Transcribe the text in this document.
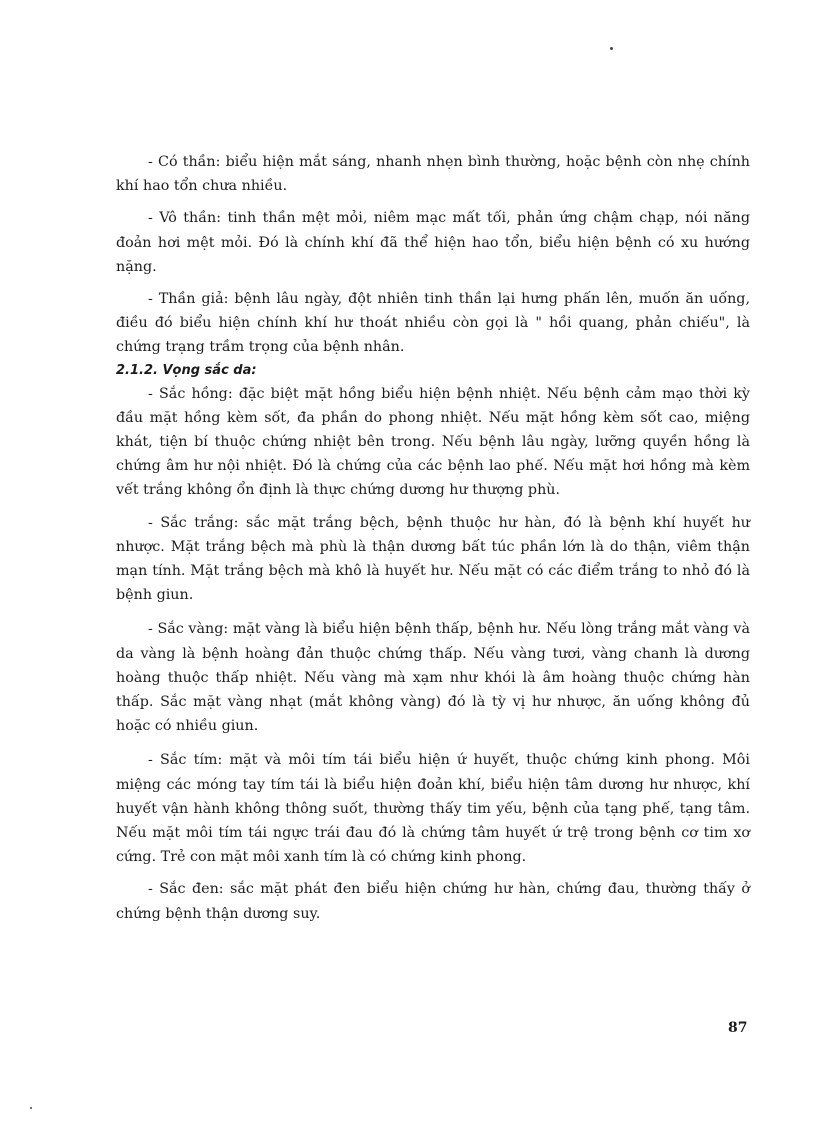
- Có thần: biểu hiện mắt sáng, nhanh nhẹn bình thường, hoặc bệnh còn nhẹ chính khí hao tổn chưa nhiều.

- Vô thần: tinh thần mệt mỏi, niêm mạc mất tối, phản ứng chậm chạp, nói năng đoản hơi mệt mỏi. Đó là chính khí đã thể hiện hao tổn, biểu hiện bệnh có xu hướng nặng.

- Thần giả: bệnh lâu ngày, đột nhiên tinh thần lại hưng phấn lên, muốn ăn uống, điều đó biểu hiện chính khí hư thoát nhiều còn gọi là " hồi quang, phản chiếu", là chứng trạng trầm trọng của bệnh nhân.

2.1.2. Vọng sắc da:

- Sắc hồng: đặc biệt mặt hồng biểu hiện bệnh nhiệt. Nếu bệnh cảm mạo thời kỳ đầu mặt hồng kèm sốt, đa phần do phong nhiệt. Nếu mặt hồng kèm sốt cao, miệng khát, tiện bí thuộc chứng nhiệt bên trong. Nếu bệnh lâu ngày, lưỡng quyền hồng là chứng âm hư nội nhiệt. Đó là chứng của các bệnh lao phế. Nếu mặt hơi hồng mà kèm vết trắng không ổn định là thực chứng dương hư thượng phù.

- Sắc trắng: sắc mặt trắng bệch, bệnh thuộc hư hàn, đó là bệnh khí huyết hư nhược. Mặt trắng bệch mà phù là thận dương bất túc phần lớn là do thận, viêm thận mạn tính. Mặt trắng bệch mà khô là huyết hư. Nếu mặt có các điểm trắng to nhỏ đó là bệnh giun.

- Sắc vàng: mặt vàng là biểu hiện bệnh thấp, bệnh hư. Nếu lòng trắng mắt vàng và da vàng là bệnh hoàng đản thuộc chứng thấp. Nếu vàng tươi, vàng chanh là dương hoàng thuộc thấp nhiệt. Nếu vàng mà xạm như khói là âm hoàng thuộc chứng hàn thấp. Sắc mặt vàng nhạt (mắt không vàng) đó là tỳ vị hư nhược, ăn uống không đủ hoặc có nhiều giun.

- Sắc tím: mặt và môi tím tái biểu hiện ứ huyết, thuộc chứng kinh phong. Môi miệng các móng tay tím tái là biểu hiện đoản khí, biểu hiện tâm dương hư nhược, khí huyết vận hành không thông suốt, thường thấy tim yếu, bệnh của tạng phế, tạng tâm. Nếu mặt môi tím tái ngực trái đau đó là chứng tâm huyết ứ trệ trong bệnh cơ tim xơ cứng. Trẻ con mặt môi xanh tím là có chứng kinh phong.

- Sắc đen: sắc mặt phát đen biểu hiện chứng hư hàn, chứng đau, thường thấy ở chứng bệnh thận dương suy.

87
